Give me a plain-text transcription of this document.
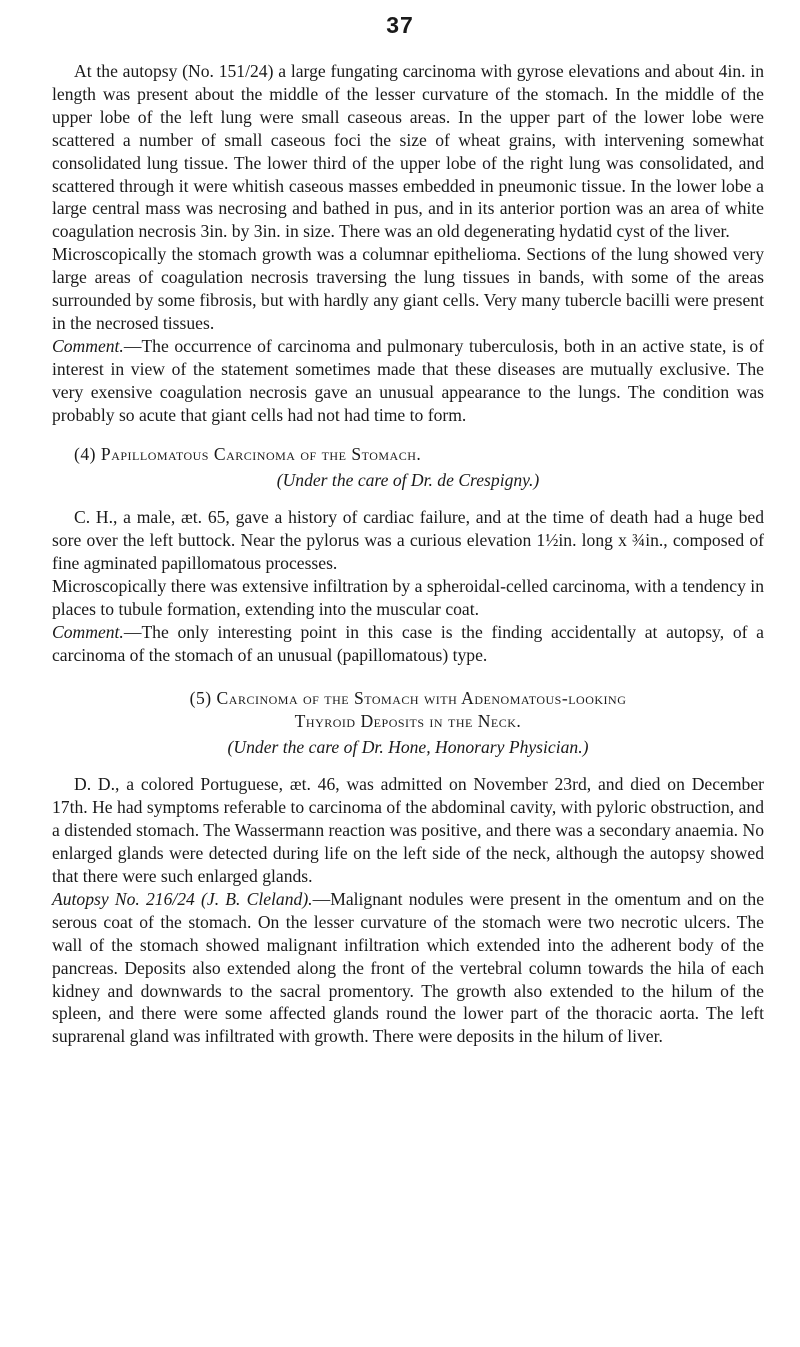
37

At the autopsy (No. 151/24) a large fungating carcinoma with gyrose elevations and about 4in. in length was present about the middle of the lesser curvature of the stomach. In the middle of the upper lobe of the left lung were small caseous areas. In the upper part of the lower lobe were scattered a number of small caseous foci the size of wheat grains, with intervening somewhat consolidated lung tissue. The lower third of the upper lobe of the right lung was consolidated, and scattered through it were whitish caseous masses embedded in pneumonic tissue. In the lower lobe a large central mass was necrosing and bathed in pus, and in its anterior portion was an area of white coagulation necrosis 3in. by 3in. in size. There was an old degenerating hydatid cyst of the liver.

Microscopically the stomach growth was a columnar epithelioma. Sections of the lung showed very large areas of coagulation necrosis traversing the lung tissues in bands, with some of the areas surrounded by some fibrosis, but with hardly any giant cells. Very many tubercle bacilli were present in the necrosed tissues.

Comment.—The occurrence of carcinoma and pulmonary tuberculosis, both in an active state, is of interest in view of the statement sometimes made that these diseases are mutually exclusive. The very exensive coagulation necrosis gave an unusual appearance to the lungs. The condition was probably so acute that giant cells had not had time to form.

(4) Papillomatous Carcinoma of the Stomach.

(Under the care of Dr. de Crespigny.)

C. H., a male, æt. 65, gave a history of cardiac failure, and at the time of death had a huge bed sore over the left buttock. Near the pylorus was a curious elevation 1½in. long x ¾in., composed of fine agminated papillomatous processes.

Microscopically there was extensive infiltration by a spheroidal-celled carcinoma, with a tendency in places to tubule formation, extending into the muscular coat.

Comment.—The only interesting point in this case is the finding accidentally at autopsy, of a carcinoma of the stomach of an unusual (papillomatous) type.

(5) Carcinoma of the Stomach with Adenomatous-looking
Thyroid Deposits in the Neck.

(Under the care of Dr. Hone, Honorary Physician.)

D. D., a colored Portuguese, æt. 46, was admitted on November 23rd, and died on December 17th. He had symptoms referable to carcinoma of the abdominal cavity, with pyloric obstruction, and a distended stomach. The Wassermann reaction was positive, and there was a secondary anaemia. No enlarged glands were detected during life on the left side of the neck, although the autopsy showed that there were such enlarged glands.

Autopsy No. 216/24 (J. B. Cleland).—Malignant nodules were present in the omentum and on the serous coat of the stomach. On the lesser curvature of the stomach were two necrotic ulcers. The wall of the stomach showed malignant infiltration which extended into the adherent body of the pancreas. Deposits also extended along the front of the vertebral column towards the hila of each kidney and downwards to the sacral promentory. The growth also extended to the hilum of the spleen, and there were some affected glands round the lower part of the thoracic aorta. The left suprarenal gland was infiltrated with growth. There were deposits in the hilum of liver.
